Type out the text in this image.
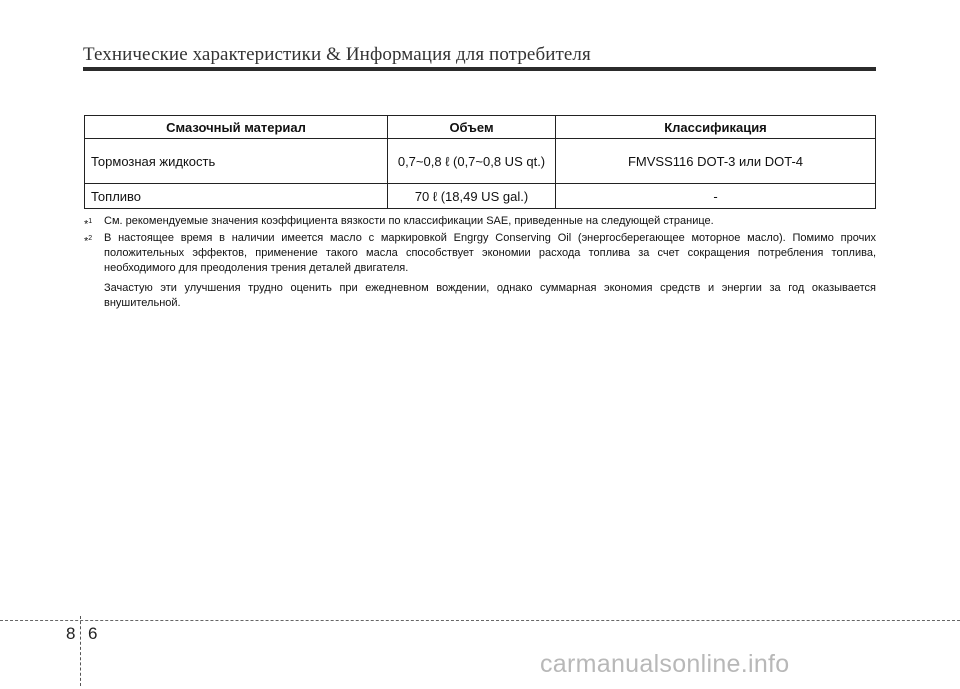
Технические характеристики & Информация для потребителя
Смазочный материал	Объем	Классификация
Тормозная жидкость	0,7~0,8 ℓ (0,7~0,8 US qt.)	FMVSS116 DOT-3 или DOT-4
Топливо	70 ℓ (18,49 US gal.)	-
*$^1$ См. рекомендуемые значения коэффициента вязкости по классификации SAE, приведенные на следующей странице.

*$^2$ В настоящее время в наличии имеется масло с маркировкой Engrgy Conserving Oil (энергосберегающее моторное масло). Помимо прочих положительных эффектов, применение такого масла способствует экономии расхода топлива за счет сокращения потребления топлива, необходимого для преодоления трения деталей двигателя.

Зачастую эти улучшения трудно оценить при ежедневном вождении, однако суммарная экономия средств и энергии за год оказывается внушительной.

8 6
carmanualsonline.info
